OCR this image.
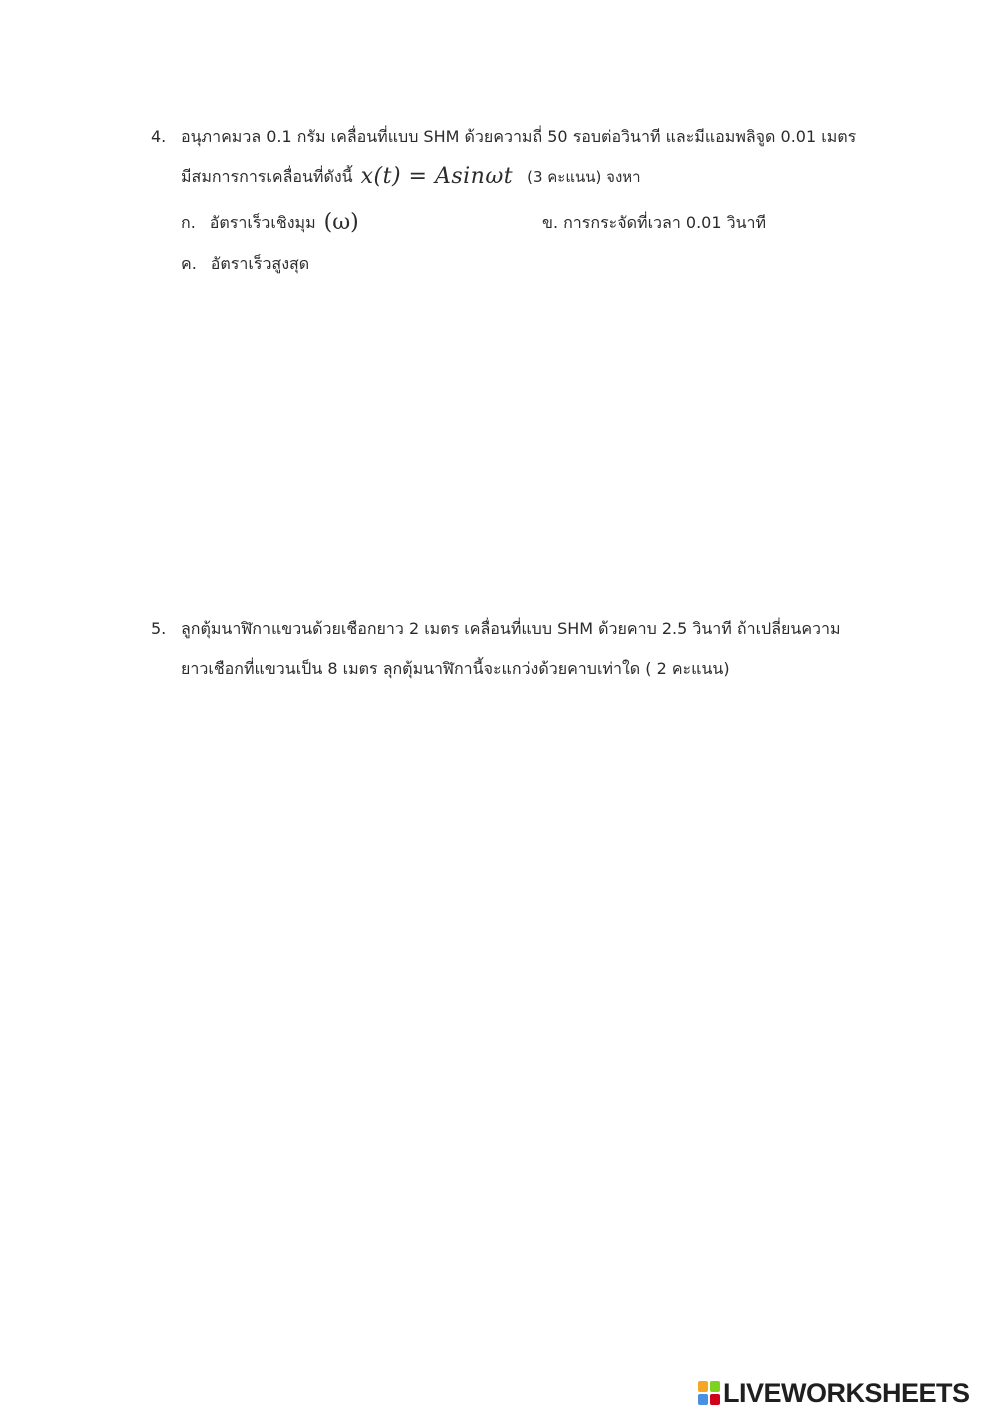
4. อนุภาคมวล 0.1 กรัม เคลื่อนที่แบบ SHM ด้วยความถี่ 50 รอบต่อวินาที และมีแอมพลิจูด 0.01 เมตร
มีสมการการเคลื่อนที่ดังนี้ x(t) = Asinωt (3 คะแนน) จงหา
ก. อัตราเร็วเชิงมุม (ω)	ข. การกระจัดที่เวลา 0.01 วินาที
ค. อัตราเร็วสูงสุด
5. ลูกตุ้มนาฬิกาแขวนด้วยเชือกยาว 2 เมตร เคลื่อนที่แบบ SHM ด้วยคาบ 2.5 วินาที ถ้าเปลี่ยนความ
ยาวเชือกที่แขวนเป็น 8 เมตร ลุกตุ้มนาฬิกานี้จะแกว่งด้วยคาบเท่าใด ( 2 คะแนน)
LIVEWORKSHEETS
